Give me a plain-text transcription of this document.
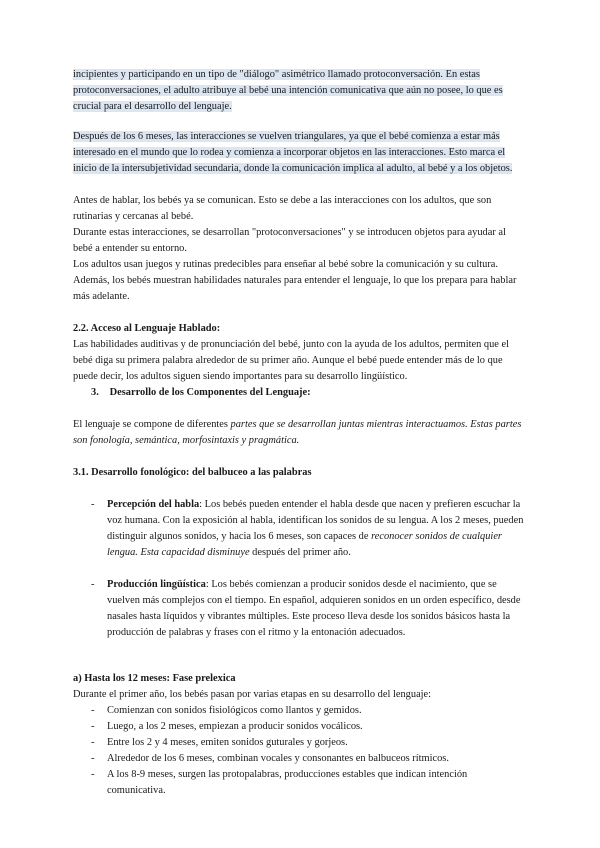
incipientes y participando en un tipo de "diálogo" asimétrico llamado protoconversación. En estas protoconversaciones, el adulto atribuye al bebé una intención comunicativa que aún no posee, lo que es crucial para el desarrollo del lenguaje.

Después de los 6 meses, las interacciones se vuelven triangulares, ya que el bebé comienza a estar más interesado en el mundo que lo rodea y comienza a incorporar objetos en las interacciones. Esto marca el inicio de la intersubjetividad secundaria, donde la comunicación implica al adulto, al bebé y a los objetos.

Antes de hablar, los bebés ya se comunican. Esto se debe a las interacciones con los adultos, que son rutinarias y cercanas al bebé.

Durante estas interacciones, se desarrollan "protoconversaciones" y se introducen objetos para ayudar al bebé a entender su entorno.

Los adultos usan juegos y rutinas predecibles para enseñar al bebé sobre la comunicación y su cultura. Además, los bebés muestran habilidades naturales para entender el lenguaje, lo que los prepara para hablar más adelante.

2.2. Acceso al Lenguaje Hablado:

Las habilidades auditivas y de pronunciación del bebé, junto con la ayuda de los adultos, permiten que el bebé diga su primera palabra alrededor de su primer año. Aunque el bebé puede entender más de lo que puede decir, los adultos siguen siendo importantes para su desarrollo lingüístico.

3. Desarrollo de los Componentes del Lenguaje:

El lenguaje se compone de diferentes partes que se desarrollan juntas mientras interactuamos. Estas partes son fonología, semántica, morfosintaxis y pragmática.

3.1. Desarrollo fonológico: del balbuceo a las palabras

- Percepción del habla: Los bebés pueden entender el habla desde que nacen y prefieren escuchar la voz humana. Con la exposición al habla, identifican los sonidos de su lengua. A los 2 meses, pueden distinguir algunos sonidos, y hacia los 6 meses, son capaces de reconocer sonidos de cualquier lengua. Esta capacidad disminuye después del primer año.
- Producción lingüística: Los bebés comienzan a producir sonidos desde el nacimiento, que se vuelven más complejos con el tiempo. En español, adquieren sonidos en un orden específico, desde nasales hasta líquidos y vibrantes múltiples. Este proceso lleva desde los sonidos básicos hasta la producción de palabras y frases con el ritmo y la entonación adecuados.

a) Hasta los 12 meses: Fase prelexica

Durante el primer año, los bebés pasan por varias etapas en su desarrollo del lenguaje:

- Comienzan con sonidos fisiológicos como llantos y gemidos.
- Luego, a los 2 meses, empiezan a producir sonidos vocálicos.
- Entre los 2 y 4 meses, emiten sonidos guturales y gorjeos.
- Alrededor de los 6 meses, combinan vocales y consonantes en balbuceos rítmicos.
- A los 8-9 meses, surgen las protopalabras, producciones estables que indican intención comunicativa.
